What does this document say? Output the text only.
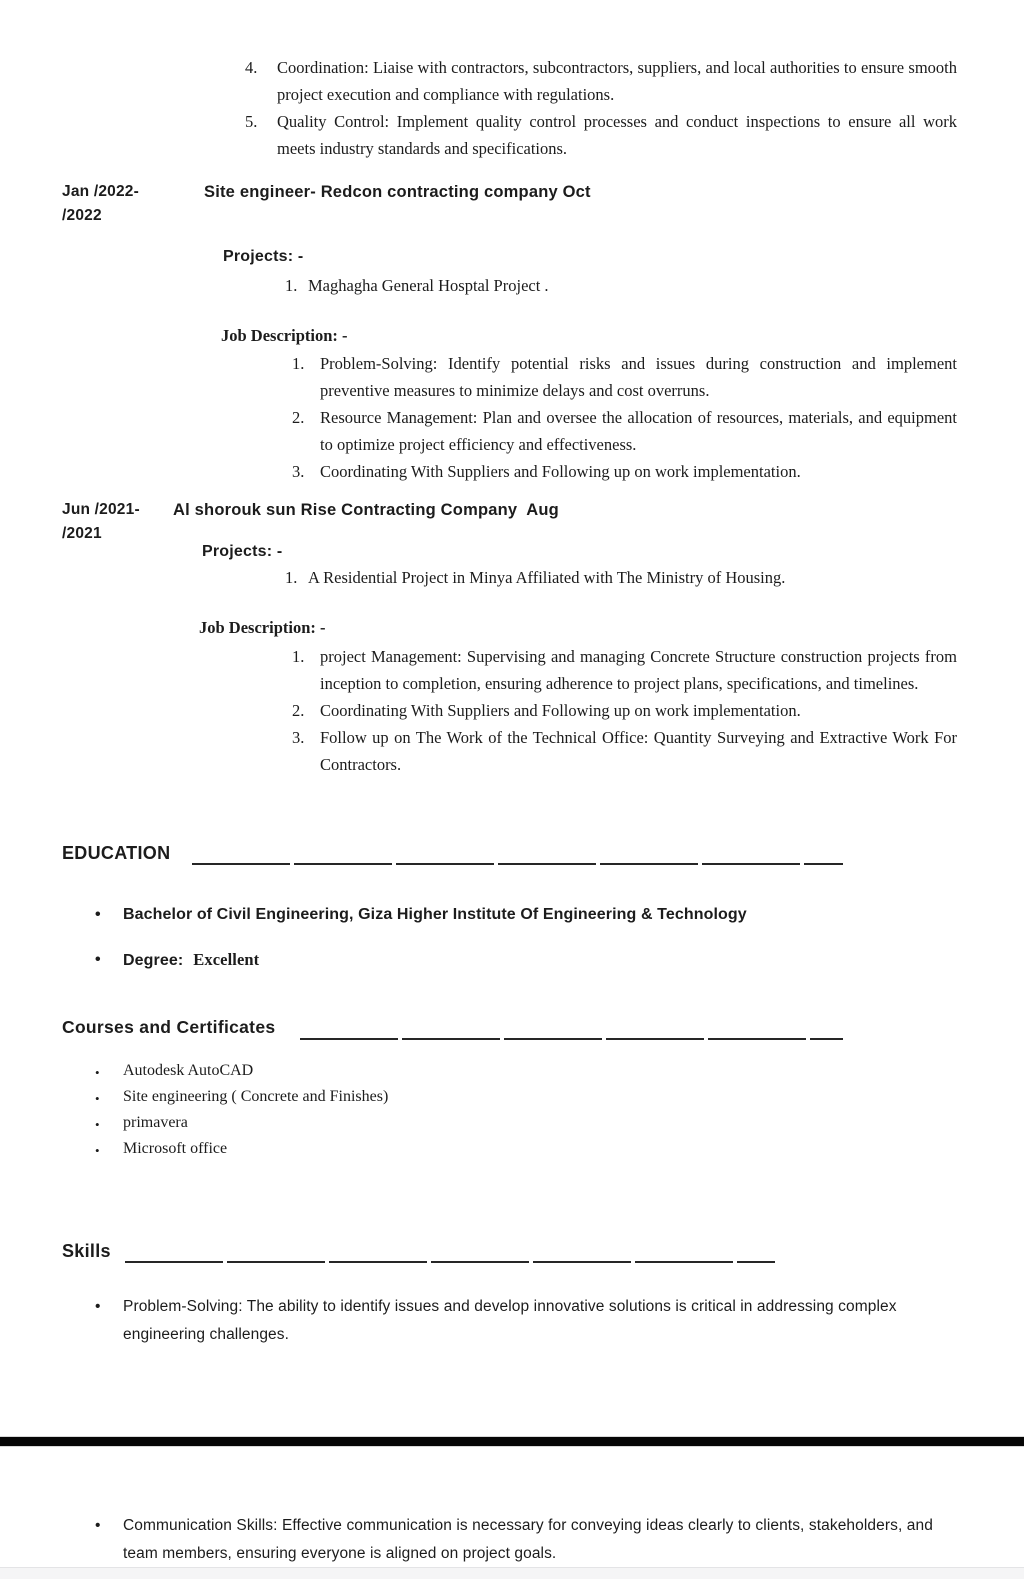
4.	Coordination: Liaise with contractors, subcontractors, suppliers, and local authorities to ensure smooth project execution and compliance with regulations.
5.	Quality Control: Implement quality control processes and conduct inspections to ensure all work meets industry standards and specifications.
Jan /2022-
/2022
Site engineer- Redcon contracting company Oct
Projects: -
1. Maghagha General Hosptal Project .
Job Description: -
1. Problem-Solving: Identify potential risks and issues during construction and implement preventive measures to minimize delays and cost overruns.
2. Resource Management: Plan and oversee the allocation of resources, materials, and equipment to optimize project efficiency and effectiveness.
3. Coordinating With Suppliers and Following up on work implementation.
Jun /2021-
/2021
Al shorouk sun Rise Contracting Company  Aug
Projects: -
1. A Residential Project in Minya Affiliated with The Ministry of Housing.
Job Description: -
1. project Management: Supervising and managing Concrete Structure construction projects from inception to completion, ensuring adherence to project plans, specifications, and timelines.
2. Coordinating With Suppliers and Following up on work implementation.
3. Follow up on The Work of the Technical Office: Quantity Surveying and Extractive Work For Contractors.
EDUCATION
•	Bachelor of Civil Engineering, Giza Higher Institute Of Engineering & Technology
•	Degree: Excellent
Courses and Certificates
•	Autodesk AutoCAD
•	Site engineering ( Concrete and Finishes)
•	primavera
•	Microsoft office
Skills
•	Problem-Solving: The ability to identify issues and develop innovative solutions is critical in addressing complex engineering challenges.
•	Communication Skills: Effective communication is necessary for conveying ideas clearly to clients, stakeholders, and team members, ensuring everyone is aligned on project goals.
